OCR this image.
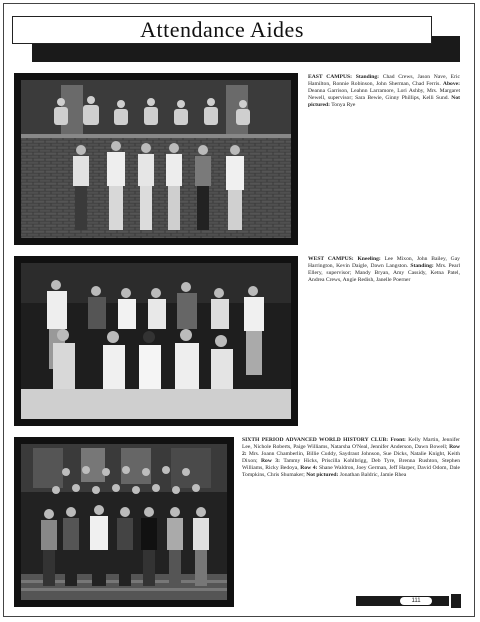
Attendance Aides
EAST CAMPUS: Standing: Chad Crews, Jason Nave, Eric Hamilton, Ronnie Robinson, John Sherman, Chad Ferris. Above: Deanna Garrison, Leahnn Larramore, Lori Ashby, Mrs. Margaret Newell, supervisor; Sara Bewie, Ginny Phillips, Kelli Sund. Not pictured: Tonya Rye
WEST CAMPUS: Kneeling: Lee Mixon, John Bailey, Gay Harrington, Kevin Daigle, Dawn Langston. Standing: Mrs. Pearl Ellery, supervisor; Mandy Bryan, Amy Cassidy, Ketna Patel, Andrea Crews, Angie Redish, Janelle Poerner
SIXTH PERIOD ADVANCED WORLD HISTORY CLUB: Front: Kelly Martin, Jennifer Lee, Nichole Roberts, Paige Williams, Natarsha O'Neal, Jennifer Anderson, Dawn Bowell; Row 2: Mrs. Joann Chamberlin, Billie Cuddy, Saydraut Johnson, Sue Dicks, Natalie Knight, Keith Dixon; Row 3: Tammy Hicks, Priscilla Kohlbrigg, Deb Tyre, Brenna Rushton, Stephen Williams, Ricky Bedoya, Row 4: Shane Waldron, Joey German, Jeff Harper, David Odom, Dale Tompkins, Chris Shumaker; Not pictured: Jonathan Baldric, Jamie Rhea
111
